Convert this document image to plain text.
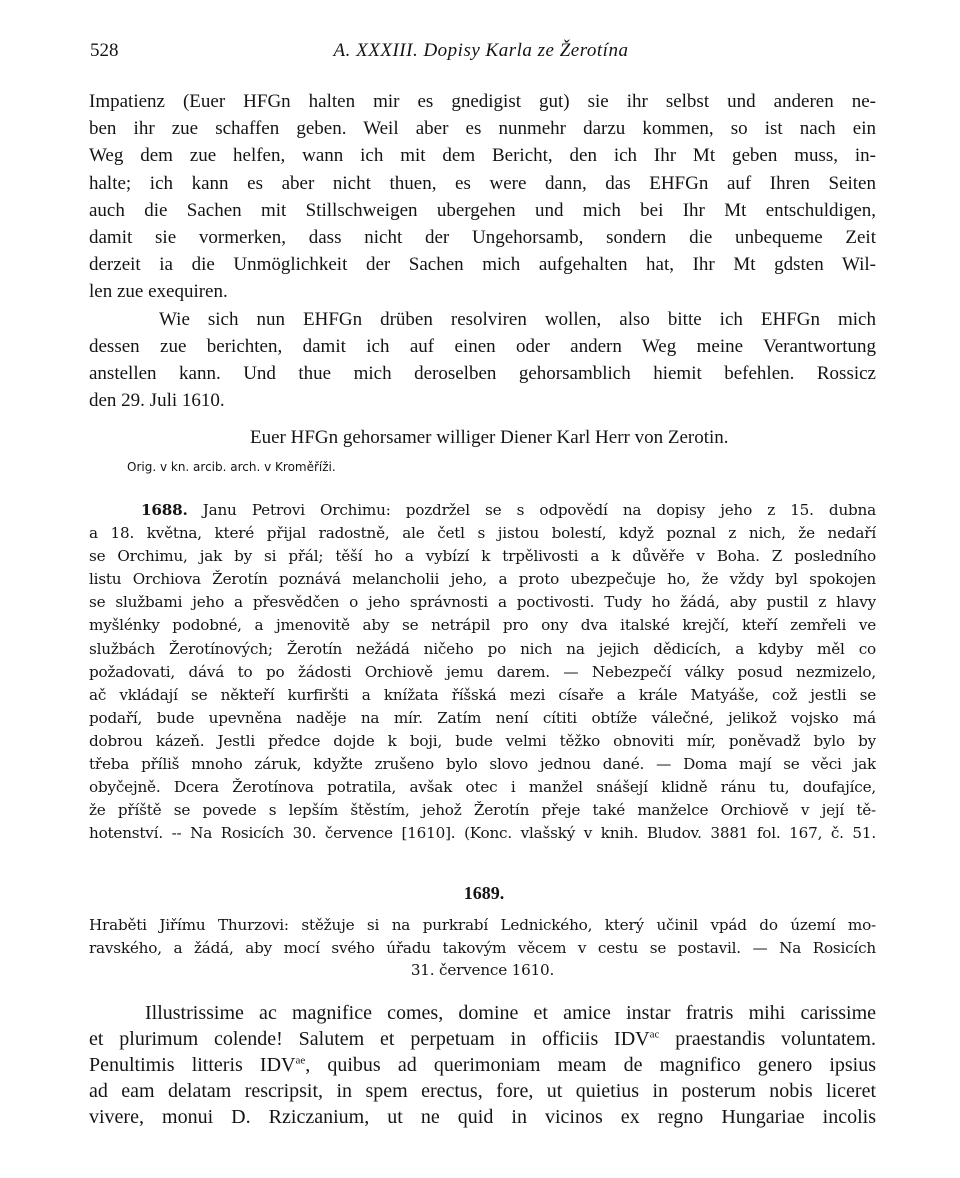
528	A. XXXIII. Dopisy Karla ze Žerotína
Impatienz (Euer HFGn halten mir es gnedigist gut) sie ihr selbst und anderen ne-
ben ihr zue schaffen geben. Weil aber es nunmehr darzu kommen, so ist nach ein
Weg dem zue helfen, wann ich mit dem Bericht, den ich Ihr Mt geben muss, in-
halte; ich kann es aber nicht thuen, es were dann, das EHFGn auf Ihren Seiten
auch die Sachen mit Stillschweigen ubergehen und mich bei Ihr Mt entschuldigen,
damit sie vormerken, dass nicht der Ungehorsamb, sondern die unbequeme Zeit
derzeit ia die Unmöglichkeit der Sachen mich aufgehalten hat, Ihr Mt gdsten Wil-
len zue exequiren.
Wie sich nun EHFGn drüben resolviren wollen, also bitte ich EHFGn mich
dessen zue berichten, damit ich auf einen oder andern Weg meine Verantwortung
anstellen kann. Und thue mich deroselben gehorsamblich hiemit befehlen. Rossicz
den 29. Juli 1610.
Euer HFGn gehorsamer williger Diener Karl Herr von Zerotin.
Orig. v kn. arcib. arch. v Kroměříži.
1688. Janu Petrovi Orchimu: pozdržel se s odpovědí na dopisy jeho z 15. dubna
a 18. května, které přijal radostně, ale četl s jistou bolestí, když poznal z nich, že nedaří
se Orchimu, jak by si přál; těší ho a vybízí k trpělivosti a k důvěře v Boha. Z posledního
listu Orchiova Žerotín poznává melancholii jeho, a proto ubezpečuje ho, že vždy byl spokojen
se službami jeho a přesvědčen o jeho správnosti a poctivosti. Tudy ho žádá, aby pustil z hlavy
myšlénky podobné, a jmenovitě aby se netrápil pro ony dva italské krejčí, kteří zemřeli ve
službách Žerotínových; Žerotín nežádá ničeho po nich na jejich dědicích, a kdyby měl co
požadovati, dává to po žádosti Orchiově jemu darem. — Nebezpečí války posud nezmizelo,
ač vkládají se někteří kurfiršti a knížata říšská mezi císaře a krále Matyáše, což jestli se
podaří, bude upevněna naděje na mír. Zatím není cítiti obtíže válečné, jelikož vojsko má
dobrou kázeň. Jestli předce dojde k boji, bude velmi těžko obnoviti mír, poněvadž bylo by
třeba příliš mnoho záruk, když̌te zrušeno bylo slovo jednou dané. — Doma mají se věci jak
obyčejně. Dcera Žerotínova potratila, avšak otec i manžel snášejí klidně ránu tu, doufajíce,
že příště se povede s lepším štěstím, jehož Žerotín přeje také manželce Orchiově v její tě-
hotenství. -- Na Rosicích 30. července [1610]. (Konc. vlašský v knih. Bludov. 3881 fol. 167, č. 51.
1689.
Hraběti Jiřímu Thurzovi: stěžuje si na purkrabí Lednického, který učinil vpád do území mo-
ravského, a žádá, aby mocí svého úřadu takovým věcem v cestu se postavil. — Na Rosicích
31. července 1610.
Illustrissime ac magnifice comes, domine et amice instar fratris mihi carissime
et plurimum colende! Salutem et perpetuam in officiis $IDV^{ac}$ praestandis voluntatem.
Penultimis litteris $IDV^{ae}$, quibus ad querimoniam meam de magnifico genero ipsius
ad eam delatam rescripsit, in spem erectus, fore, ut quietius in posterum nobis liceret
vivere, monui D. Rziczanium, ut ne quid in vicinos ex regno Hungariae incolis
